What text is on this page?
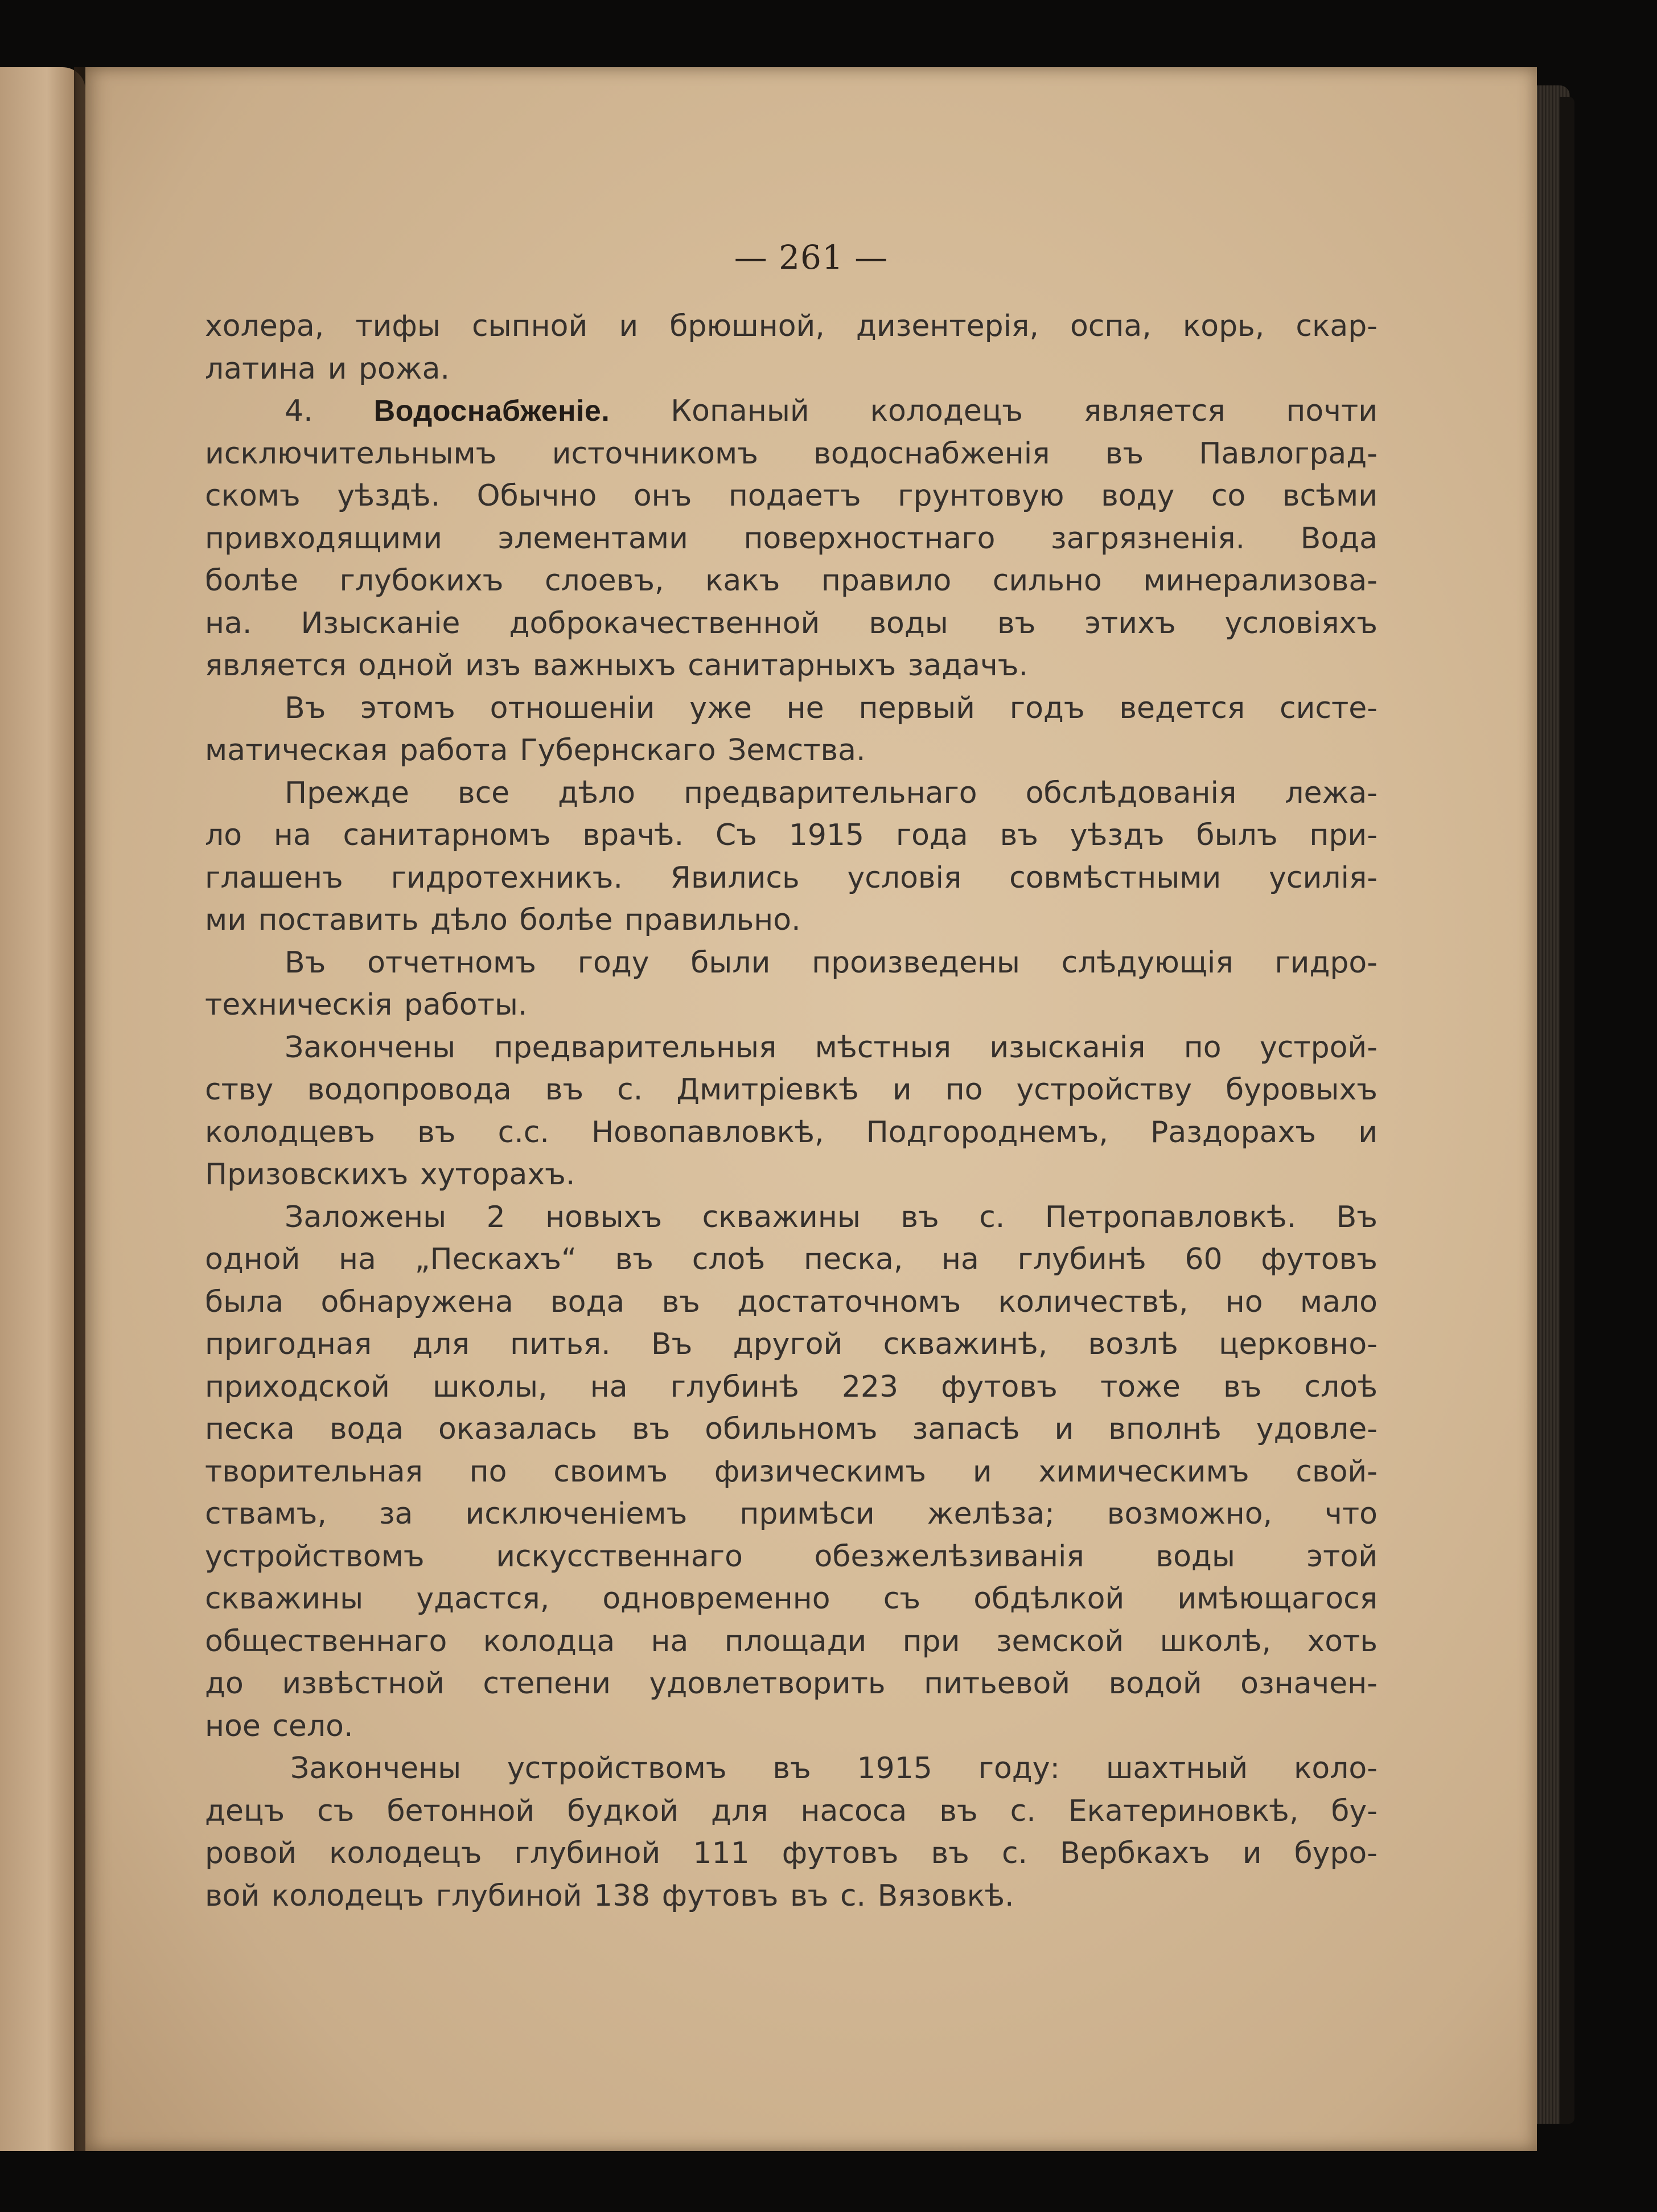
— 261 —
холера, тифы сыпной и брюшной, дизентерія, оспа, корь, скар-
латина и рожа.
4. Водоснабженіе. Копаный колодецъ является почти
исключительнымъ источникомъ водоснабженія въ Павлоград-
скомъ уѣздѣ. Обычно онъ подаетъ грунтовую воду со всѣми
привходящими элементами поверхностнаго загрязненія. Вода
болѣе глубокихъ слоевъ, какъ правило сильно минерализова-
на. Изысканіе доброкачественной воды въ этихъ условіяхъ
является одной изъ важныхъ санитарныхъ задачъ.
Въ этомъ отношеніи уже не первый годъ ведется систе-
матическая работа Губернскаго Земства.
Прежде все дѣло предварительнаго обслѣдованія лежа-
ло на санитарномъ врачѣ. Съ 1915 года въ уѣздъ былъ при-
глашенъ гидротехникъ. Явились условія совмѣстными усилія-
ми поставить дѣло болѣе правильно.
Въ отчетномъ году были произведены слѣдующія гидро-
техническія работы.
Закончены предварительныя мѣстныя изысканія по устрой-
ству водопровода въ с. Дмитріевкѣ и по устройству буровыхъ
колодцевъ въ с.с. Новопавловкѣ, Подгороднемъ, Раздорахъ и
Призовскихъ хуторахъ.
Заложены 2 новыхъ скважины въ с. Петропавловкѣ. Въ
одной на „Пескахъ“ въ слоѣ песка, на глубинѣ 60 футовъ
была обнаружена вода въ достаточномъ количествѣ, но мало
пригодная для питья. Въ другой скважинѣ, возлѣ церковно-
приходской школы, на глубинѣ 223 футовъ тоже въ слоѣ
песка вода оказалась въ обильномъ запасѣ и вполнѣ удовле-
творительная по своимъ физическимъ и химическимъ свой-
ствамъ, за исключеніемъ примѣси желѣза; возможно, что
устройствомъ искусственнаго обезжелѣзиванія воды этой
скважины удастся, одновременно съ обдѣлкой имѣющагося
общественнаго колодца на площади при земской школѣ, хоть
до извѣстной степени удовлетворить питьевой водой означен-
ное село.
Закончены устройствомъ въ 1915 году: шахтный коло-
децъ съ бетонной будкой для насоса въ с. Екатериновкѣ, бу-
ровой колодецъ глубиной 111 футовъ въ с. Вербкахъ и буро-
вой колодецъ глубиной 138 футовъ въ с. Вязовкѣ.
